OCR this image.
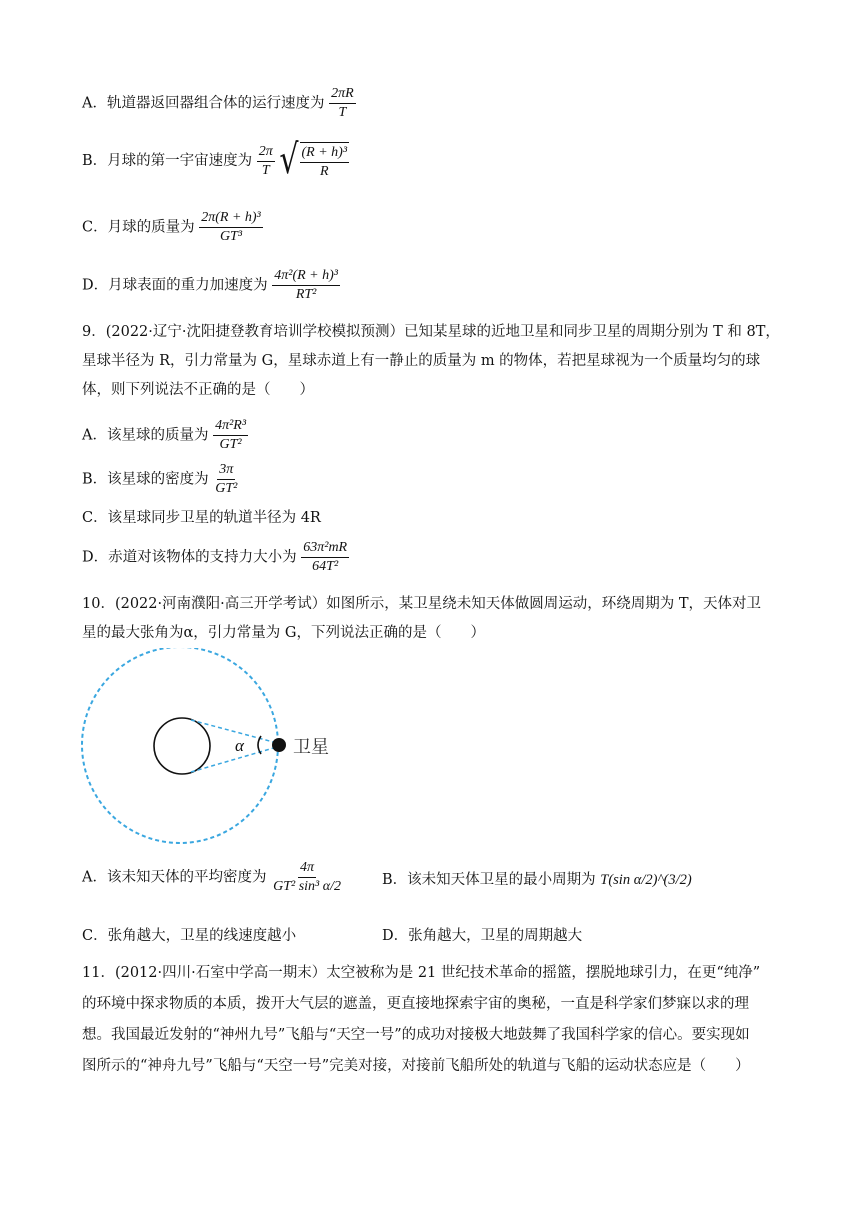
A．轨道器返回器组合体的运行速度为 $\frac{2\pi R}{T}$
B．月球的第一宇宙速度为 $\frac{2\pi}{T}$
√ $\frac{\text{(R + h)³}}{R}$
C．月球的质量为 $\frac{\text{2π(R + h)³}}{\text{GT³}}$
D．月球表面的重力加速度为 $\frac{\text{4π²(R + h)³}}{\text{RT²}}$
9．(2022·辽宁·沈阳捷登教育培训学校模拟预测）已知某星球的近地卫星和同步卫星的周期分别为 T 和 8T，
星球半径为 R，引力常量为 G，星球赤道上有一静止的质量为 m 的物体，若把星球视为一个质量均匀的球
体，则下列说法不正确的是（　　）
A．该星球的质量为 $\frac{\text{4π²R³}}{\text{GT²}}$
B．该星球的密度为 $\frac{3\pi}{\text{GT²}}$
C．该星球同步卫星的轨道半径为 4R
D．赤道对该物体的支持力大小为 $\frac{\text{63π²mR}}{\text{64T²}}$
10．(2022·河南濮阳·高三开学考试）如图所示，某卫星绕未知天体做圆周运动，环绕周期为 T，天体对卫
星的最大张角为α，引力常量为 G，下列说法正确的是（　　）
α	卫星
A．该未知天体的平均密度为 $\frac{4\pi}{\text{GT² sin³ α/2}}$	B．该未知天体卫星的最小周期为 T(sin α/2)^(3/2)
C．张角越大，卫星的线速度越小	D．张角越大，卫星的周期越大
11．(2012·四川·石室中学高一期末）太空被称为是 21 世纪技术革命的摇篮，摆脱地球引力，在更“纯净”
的环境中探求物质的本质，拨开大气层的遮盖，更直接地探索宇宙的奥秘，一直是科学家们梦寐以求的理
想。我国最近发射的“神州九号”飞船与“天空一号”的成功对接极大地鼓舞了我国科学家的信心。要实现如
图所示的“神舟九号”飞船与“天空一号”完美对接，对接前飞船所处的轨道与飞船的运动状态应是（　　）
